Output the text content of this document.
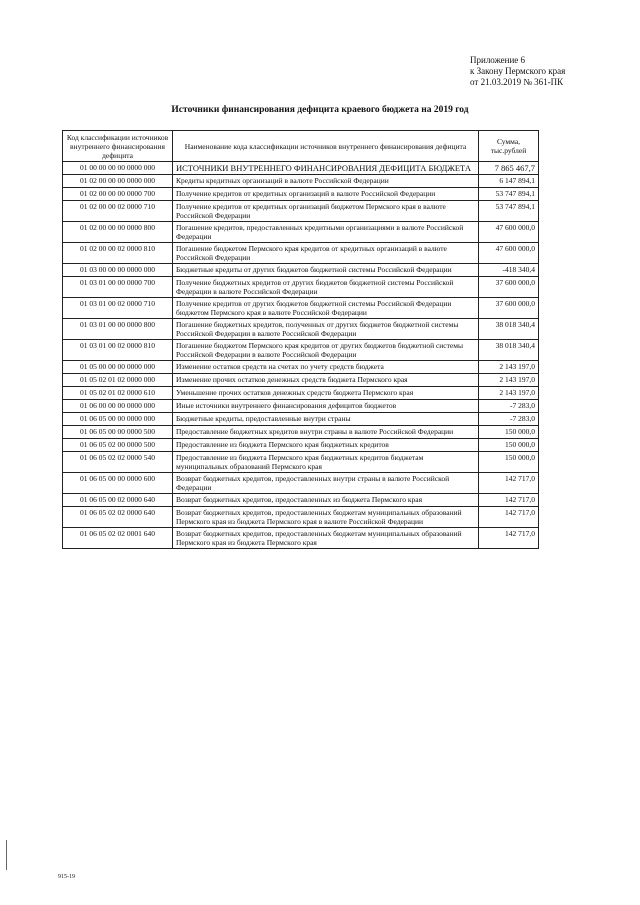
Приложение 6
к Закону Пермского края
от 21.03.2019 № 361-ПК
Источники финансирования дефицита краевого бюджета на 2019 год
Код классификации источников внутреннего финансирования дефицита	Наименование кода классификации источников внутреннего финансирования дефицита	Сумма, тыс.рублей
01 00 00 00 00 0000 000	ИСТОЧНИКИ ВНУТРЕННЕГО ФИНАНСИРОВАНИЯ ДЕФИЦИТА БЮДЖЕТА	7 865 467,7
01 02 00 00 00 0000 000	Кредиты кредитных организаций в валюте Российской Федерации	6 147 894,1
01 02 00 00 00 0000 700	Получение кредитов от кредитных организаций в валюте Российской Федерации	53 747 894,1
01 02 00 00 02 0000 710	Получение кредитов от кредитных организаций бюджетом Пермского края в валюте Российской Федерации	53 747 894,1
01 02 00 00 00 0000 800	Погашение кредитов, предоставленных кредитными организациями в валюте Российской Федерации	47 600 000,0
01 02 00 00 02 0000 810	Погашение бюджетом Пермского края кредитов от кредитных организаций в валюте Российской Федерации	47 600 000,0
01 03 00 00 00 0000 000	Бюджетные кредиты от других бюджетов бюджетной системы Российской Федерации	-418 340,4
01 03 01 00 00 0000 700	Получение бюджетных кредитов от других бюджетов бюджетной системы Российской Федерации в валюте Российской Федерации	37 600 000,0
01 03 01 00 02 0000 710	Получение кредитов от других бюджетов бюджетной системы Российской Федерации бюджетом Пермского края в валюте Российской Федерации	37 600 000,0
01 03 01 00 00 0000 800	Погашение бюджетных кредитов, полученных от других бюджетов бюджетной системы Российской Федерации в валюте Российской Федерации	38 018 340,4
01 03 01 00 02 0000 810	Погашение бюджетом Пермского края кредитов от других бюджетов бюджетной системы Российской Федерации в валюте Российской Федерации	38 018 340,4
01 05 00 00 00 0000 000	Изменение остатков средств на счетах по учету средств бюджета	2 143 197,0
01 05 02 01 02 0000 000	Изменение прочих остатков денежных средств бюджета Пермского края	2 143 197,0
01 05 02 01 02 0000 610	Уменьшение прочих остатков денежных средств бюджета Пермского края	2 143 197,0
01 06 00 00 00 0000 000	Иные источники внутреннего финансирования дефицитов бюджетов	-7 283,0
01 06 05 00 00 0000 000	Бюджетные кредиты, предоставленные внутри страны	-7 283,0
01 06 05 00 00 0000 500	Предоставление бюджетных кредитов внутри страны в валюте Российской Федерации	150 000,0
01 06 05 02 00 0000 500	Предоставление из бюджета Пермского края бюджетных кредитов	150 000,0
01 06 05 02 02 0000 540	Предоставление из бюджета Пермского края бюджетных кредитов бюджетам муниципальных образований Пермского края	150 000,0
01 06 05 00 00 0000 600	Возврат бюджетных кредитов, предоставленных внутри страны в валюте Российской Федерации	142 717,0
01 06 05 00 02 0000 640	Возврат бюджетных кредитов, предоставленных из бюджета Пермского края	142 717,0
01 06 05 02 02 0000 640	Возврат бюджетных кредитов, предоставленных бюджетам муниципальных образований Пермского края из бюджета Пермского края в валюте Российской Федерации	142 717,0
01 06 05 02 02 0001 640	Возврат бюджетных кредитов, предоставленных бюджетам муниципальных образований Пермского края из бюджета Пермского края	142 717,0
915-19
